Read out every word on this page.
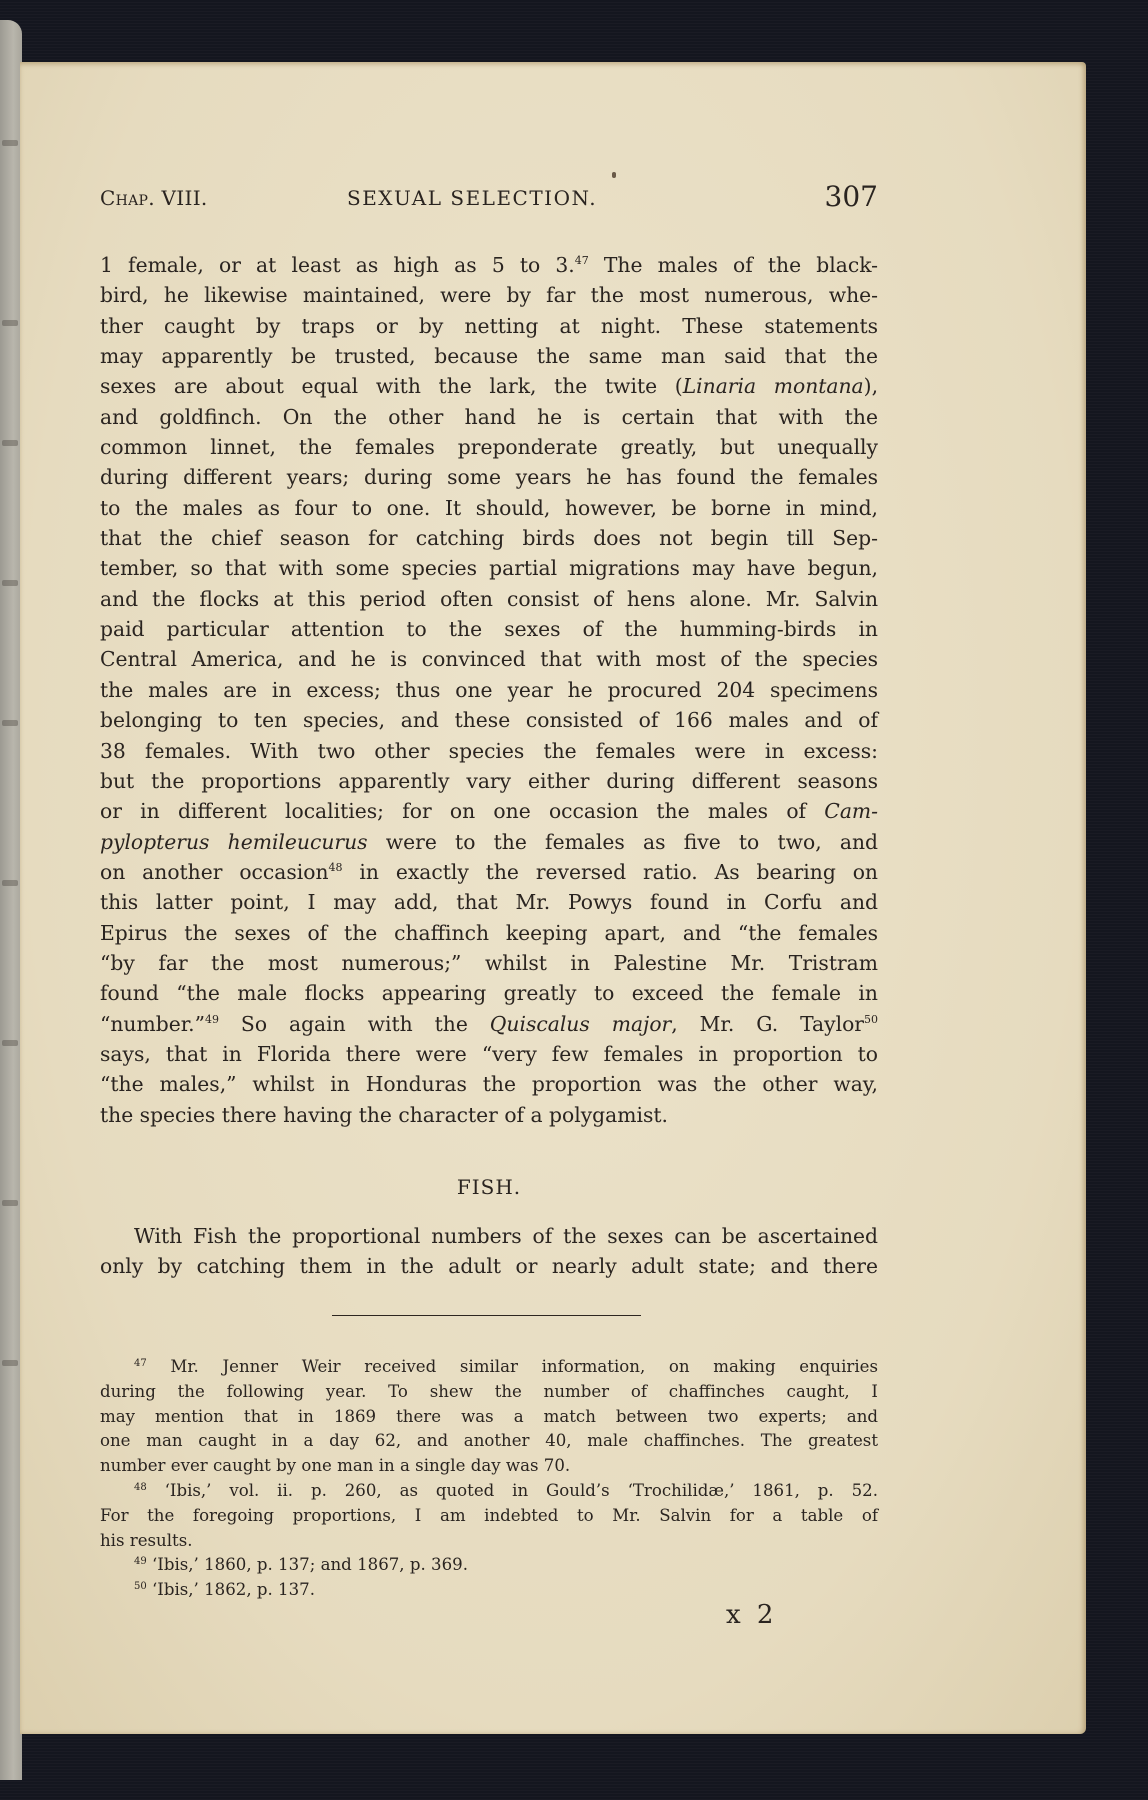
Chap. VIII.	SEXUAL SELECTION.	307
1 female, or at least as high as 5 to 3.47 The males of the black-
bird, he likewise maintained, were by far the most numerous, whe-
ther caught by traps or by netting at night. These statements
may apparently be trusted, because the same man said that the
sexes are about equal with the lark, the twite (Linaria montana),
and goldfinch. On the other hand he is certain that with the
common linnet, the females preponderate greatly, but unequally
during different years; during some years he has found the females
to the males as four to one. It should, however, be borne in mind,
that the chief season for catching birds does not begin till Sep-
tember, so that with some species partial migrations may have begun,
and the flocks at this period often consist of hens alone. Mr. Salvin
paid particular attention to the sexes of the humming-birds in
Central America, and he is convinced that with most of the species
the males are in excess; thus one year he procured 204 specimens
belonging to ten species, and these consisted of 166 males and of
38 females. With two other species the females were in excess:
but the proportions apparently vary either during different seasons
or in different localities; for on one occasion the males of Cam-
pylopterus hemileucurus were to the females as five to two, and
on another occasion$^{48}$ in exactly the reversed ratio. As bearing on
this latter point, I may add, that Mr. Powys found in Corfu and
Epirus the sexes of the chaffinch keeping apart, and “the females
“by far the most numerous;” whilst in Palestine Mr. Tristram
found “the male flocks appearing greatly to exceed the female in
“number.”$^{49}$ So again with the Quiscalus major, Mr. G. Taylor$^{50}$
says, that in Florida there were “very few females in proportion to
“the males,” whilst in Honduras the proportion was the other way,
the species there having the character of a polygamist.
FISH.
With Fish the proportional numbers of the sexes can be ascertained
only by catching them in the adult or nearly adult state; and there
$^{47}$ Mr. Jenner Weir received similar information, on making enquiries
during the following year. To shew the number of chaffinches caught, I
may mention that in 1869 there was a match between two experts; and
one man caught in a day 62, and another 40, male chaffinches. The greatest
number ever caught by one man in a single day was 70.
$^{48}$ ‘Ibis,’ vol. ii. p. 260, as quoted in Gould’s ‘Trochilidæ,’ 1861, p. 52.
For the foregoing proportions, I am indebted to Mr. Salvin for a table of
his results.
$^{49}$ ‘Ibis,’ 1860, p. 137; and 1867, p. 369.
$^{50}$ ‘Ibis,’ 1862, p. 137.
x 2
